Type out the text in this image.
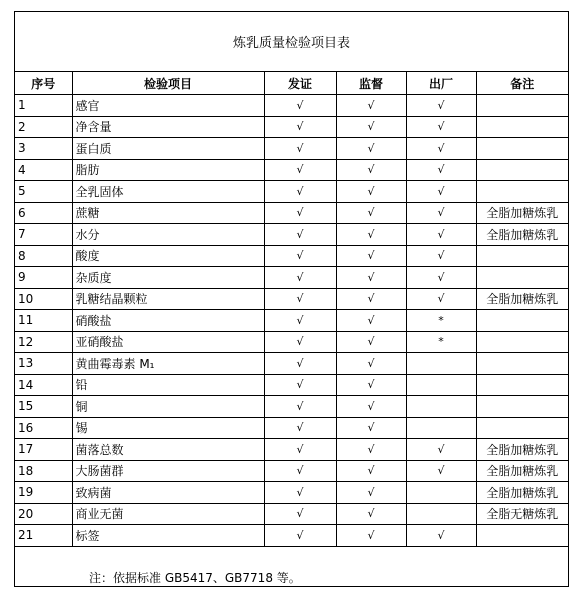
炼乳质量检验项目表
序号	检验项目	发证	监督	出厂	备注
1	感官	√	√	√	
2	净含量	√	√	√	
3	蛋白质	√	√	√	
4	脂肪	√	√	√	
5	全乳固体	√	√	√	
6	蔗糖	√	√	√	全脂加糖炼乳
7	水分	√	√	√	全脂加糖炼乳
8	酸度	√	√	√	
9	杂质度	√	√	√	
10	乳糖结晶颗粒	√	√	√	全脂加糖炼乳
11	硝酸盐	√	√	*	
12	亚硝酸盐	√	√	*	
13	黄曲霉毒素 M₁	√	√		
14	铅	√	√		
15	铜	√	√		
16	锡	√	√		
17	菌落总数	√	√	√	全脂加糖炼乳
18	大肠菌群	√	√	√	全脂加糖炼乳
19	致病菌	√	√		全脂加糖炼乳
20	商业无菌	√	√		全脂无糖炼乳
21	标签	√	√	√	
注：依据标准 GB5417、GB7718 等。
